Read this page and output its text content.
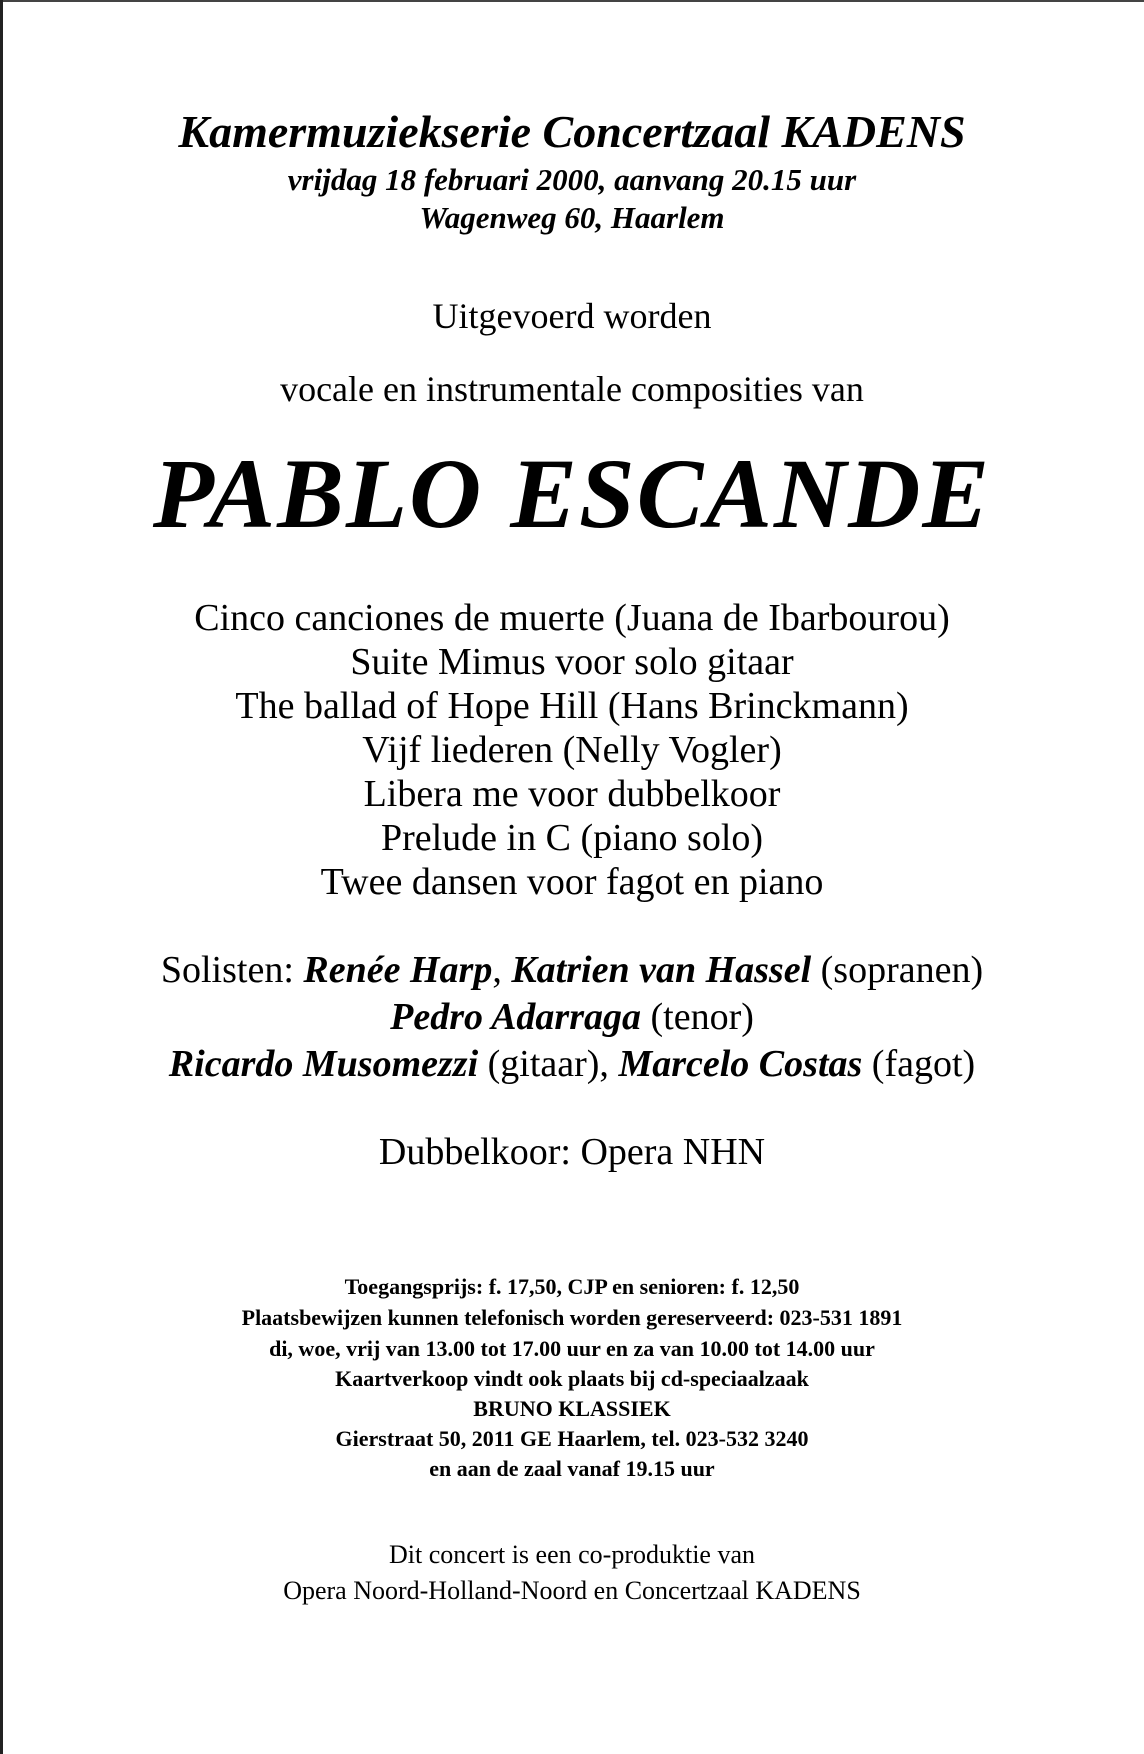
Kamermuziekserie Concertzaal KADENS
vrijdag 18 februari 2000, aanvang 20.15 uur
Wagenweg 60, Haarlem
Uitgevoerd worden
vocale en instrumentale composities van
PABLO ESCANDE
Cinco canciones de muerte (Juana de Ibarbourou)
Suite Mimus voor solo gitaar
The ballad of Hope Hill (Hans Brinckmann)
Vijf liederen (Nelly Vogler)
Libera me voor dubbelkoor
Prelude in C (piano solo)
Twee dansen voor fagot en piano
Solisten: Renée Harp, Katrien van Hassel (sopranen)
Pedro Adarraga (tenor)
Ricardo Musomezzi (gitaar), Marcelo Costas (fagot)
Dubbelkoor: Opera NHN
Toegangsprijs: f. 17,50, CJP en senioren: f. 12,50
Plaatsbewijzen kunnen telefonisch worden gereserveerd: 023-531 1891
di, woe, vrij van 13.00 tot 17.00 uur en za van 10.00 tot 14.00 uur
Kaartverkoop vindt ook plaats bij cd-speciaalzaak
BRUNO KLASSIEK
Gierstraat 50, 2011 GE Haarlem, tel. 023-532 3240
en aan de zaal vanaf 19.15 uur
Dit concert is een co-produktie van
Opera Noord-Holland-Noord en Concertzaal KADENS
